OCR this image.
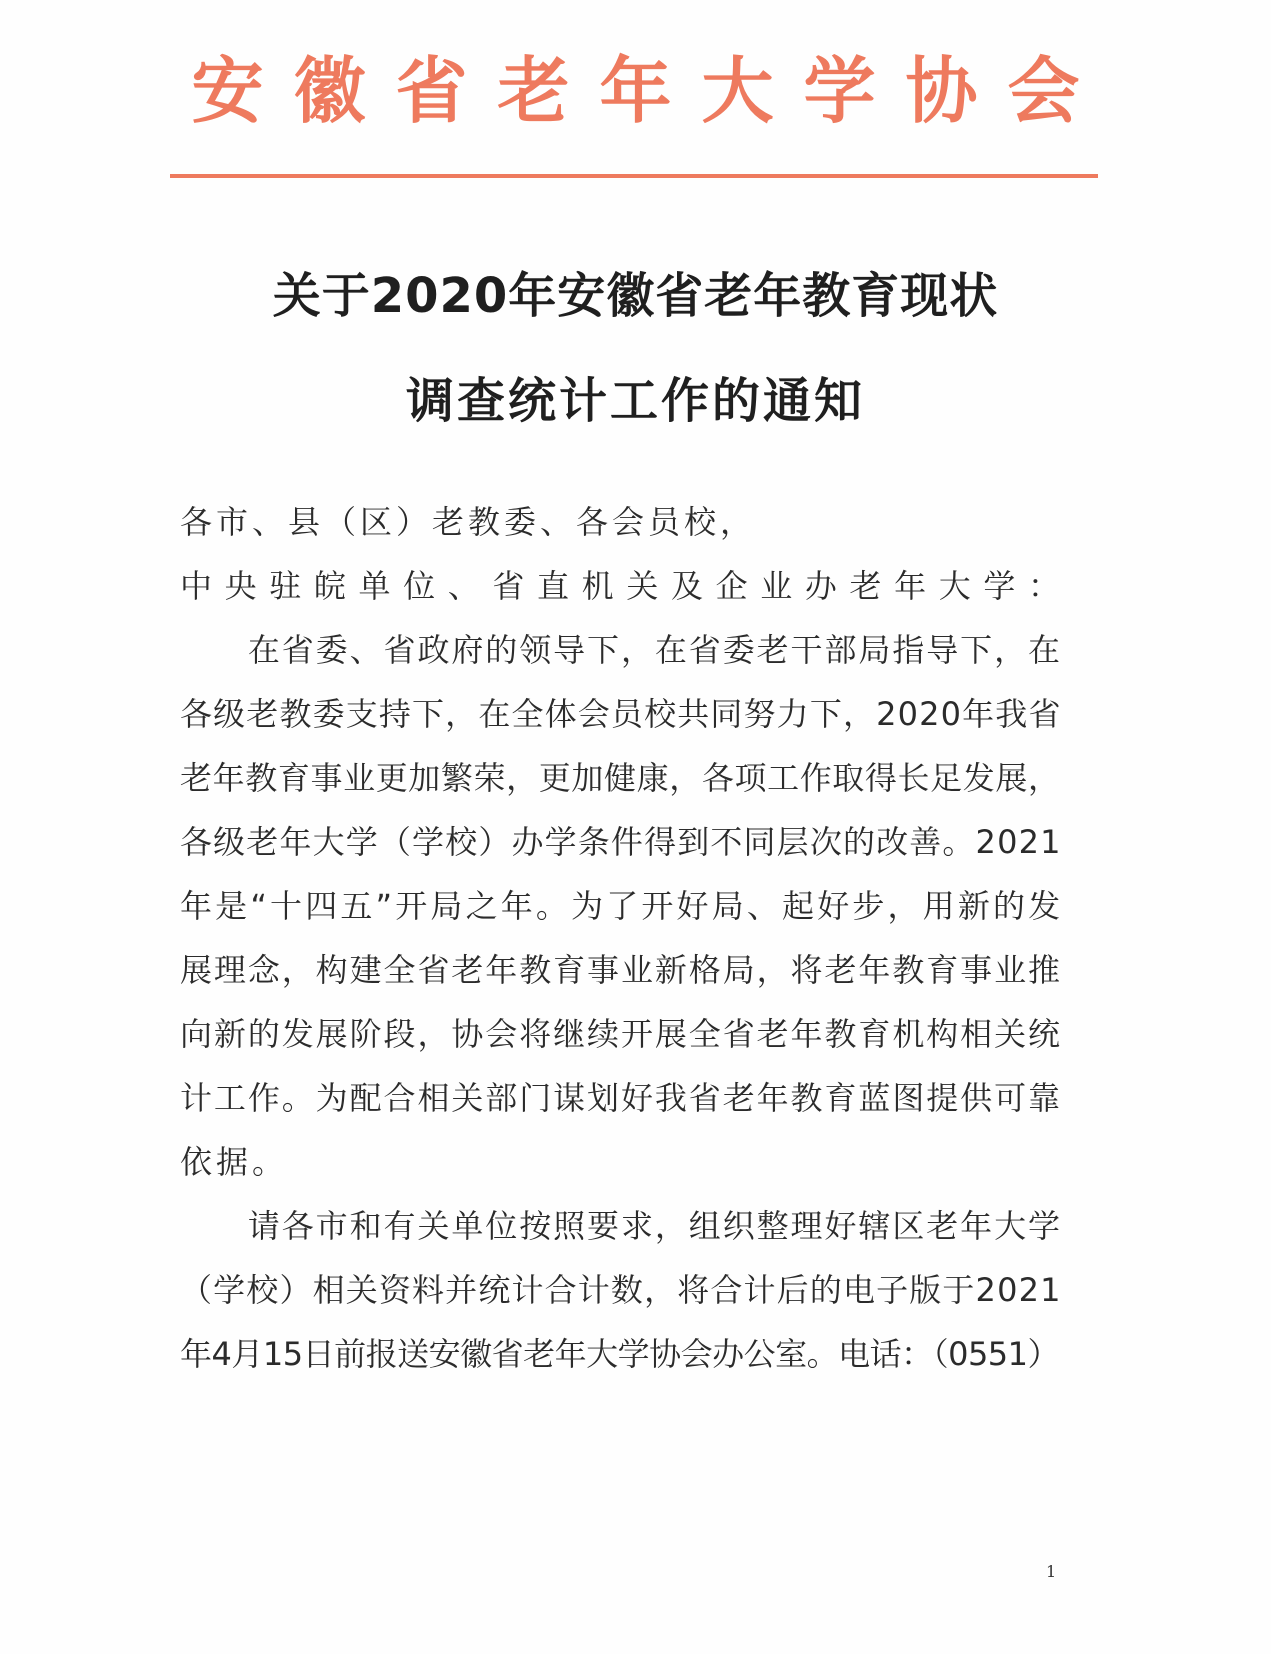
安徽省老年大学协会
关于2020年安徽省老年教育现状
调查统计工作的通知
各市、县（区）老教委、各会员校，
中央驻皖单位、省直机关及企业办老年大学：
　　在省委、省政府的领导下，在省委老干部局指导下，在
各级老教委支持下，在全体会员校共同努力下，2020年我省
老年教育事业更加繁荣，更加健康，各项工作取得长足发展，
各级老年大学（学校）办学条件得到不同层次的改善。2021
年是“十四五”开局之年。为了开好局、起好步，用新的发
展理念，构建全省老年教育事业新格局，将老年教育事业推
向新的发展阶段，协会将继续开展全省老年教育机构相关统
计工作。为配合相关部门谋划好我省老年教育蓝图提供可靠
依据。
　　请各市和有关单位按照要求，组织整理好辖区老年大学
（学校）相关资料并统计合计数，将合计后的电子版于2021
年4月15日前报送安徽省老年大学协会办公室。电话：（0551）
1
